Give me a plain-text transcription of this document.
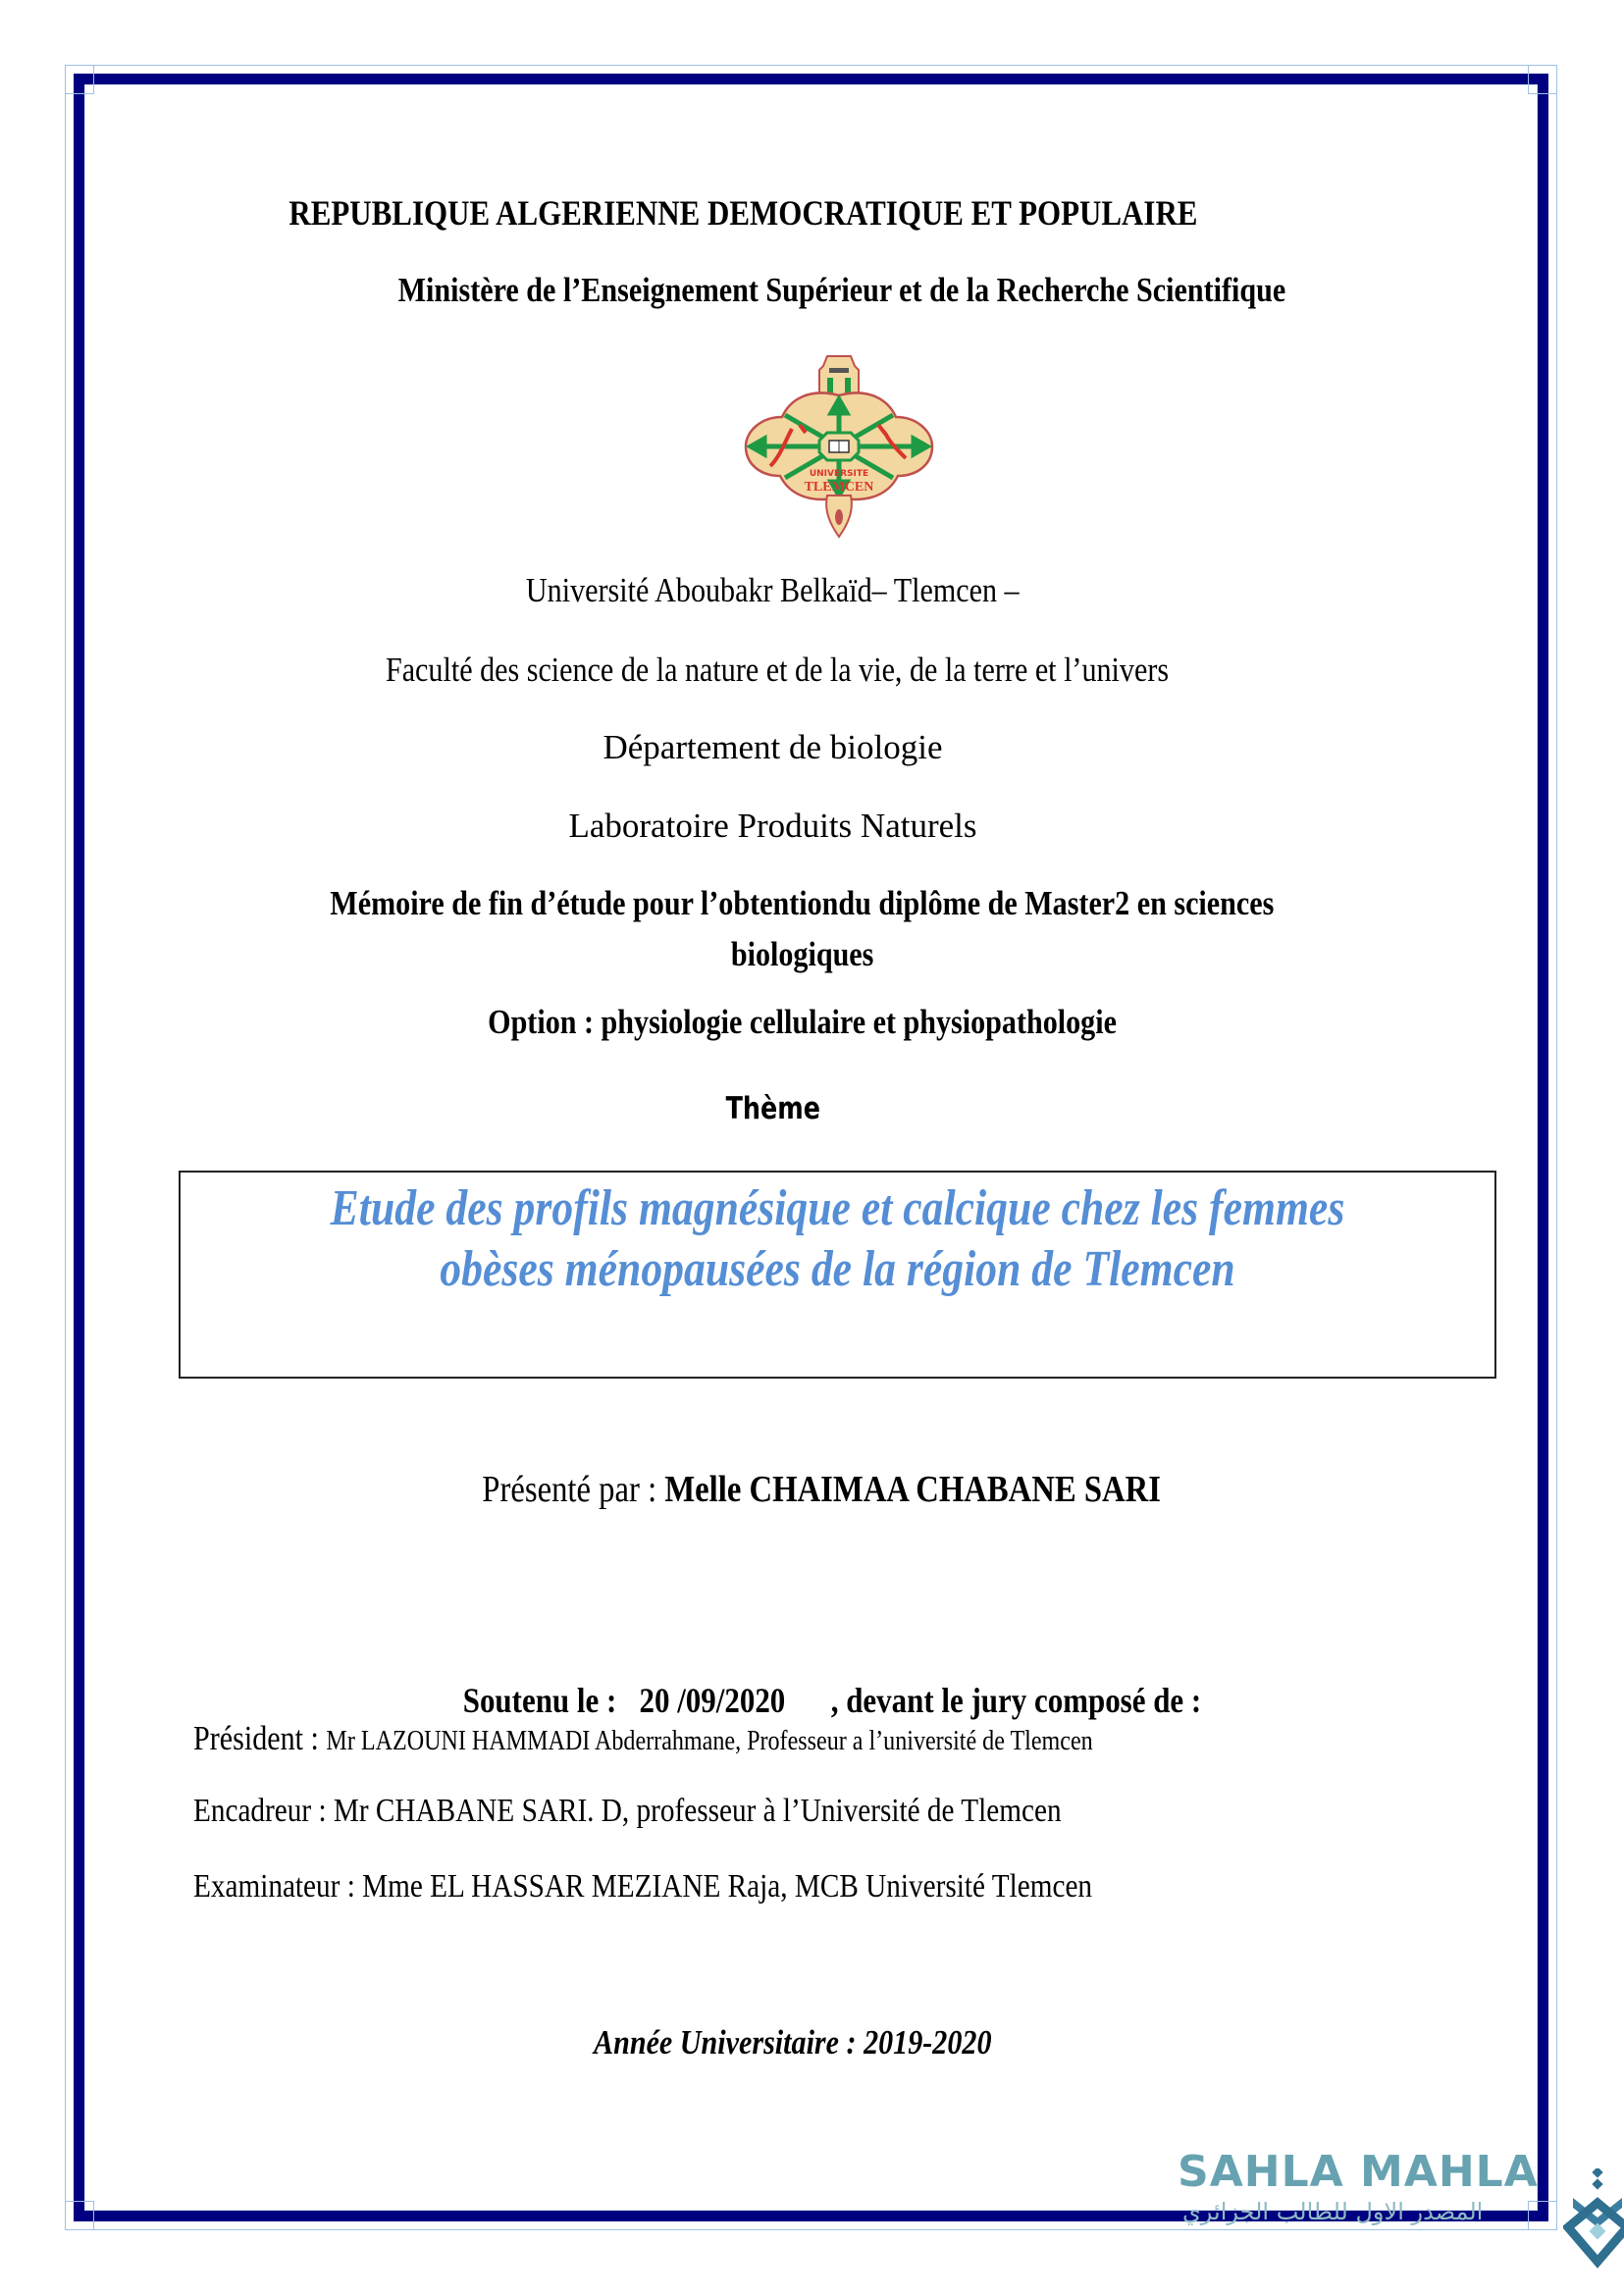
REPUBLIQUE ALGERIENNE DEMOCRATIQUE ET POPULAIRE
Ministère de l’Enseignement Supérieur et de la Recherche Scientifique
UNIVERSITE
TLEMCEN
Université Aboubakr Belkaïd– Tlemcen –
Faculté des science de la nature et de la vie, de la terre et l’univers
Département de biologie
Laboratoire Produits Naturels
Mémoire de fin d’étude pour l’obtentiondu diplôme de Master2 en sciences
biologiques
Option : physiologie cellulaire et physiopathologie
Thème
Etude des profils magnésique et calcique chez les femmes obèses ménopausées de la région de Tlemcen
Présenté par : Melle CHAIMAA CHABANE SARI

Soutenu le :   20 /09/2020      , devant le jury composé de :

Président : Mr LAZOUNI HAMMADI Abderrahmane, Professeur a l’université de Tlemcen
Encadreur : Mr CHABANE SARI. D, professeur à l’Université de Tlemcen
Examinateur : Mme EL HASSAR MEZIANE Raja, MCB Université Tlemcen
Année Universitaire : 2019-2020
SAHLA MAHLA
المصدر الاول للطالب الجزائري
